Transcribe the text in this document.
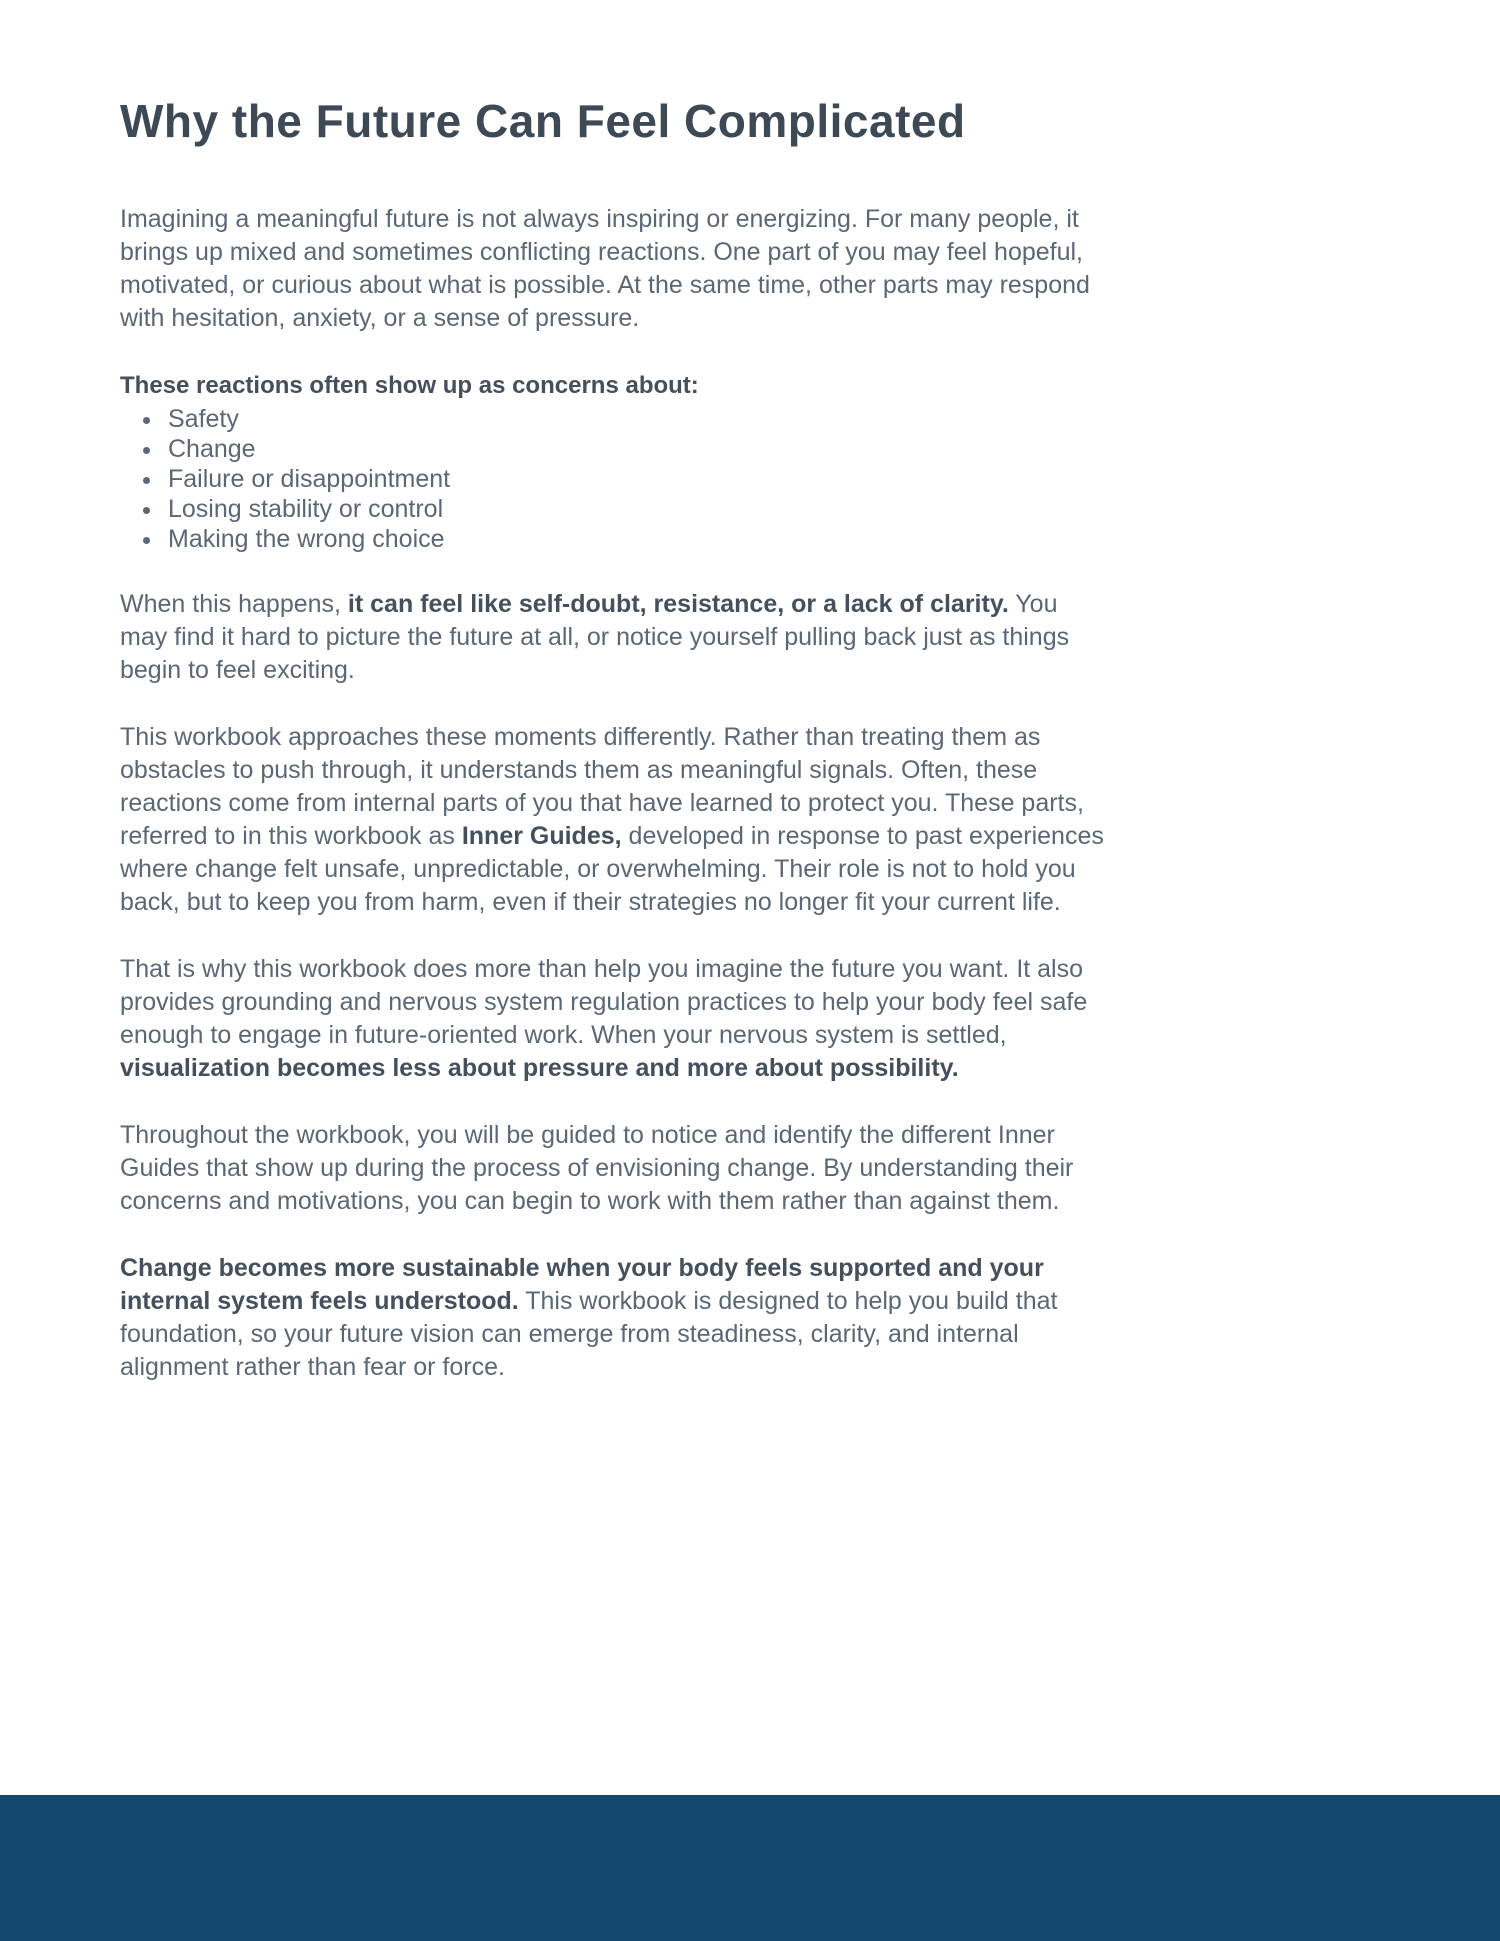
Why the Future Can Feel Complicated

Imagining a meaningful future is not always inspiring or energizing. For many people, it brings up mixed and sometimes conflicting reactions. One part of you may feel hopeful, motivated, or curious about what is possible. At the same time, other parts may respond with hesitation, anxiety, or a sense of pressure.

These reactions often show up as concerns about:

• Safety
• Change
• Failure or disappointment
• Losing stability or control
• Making the wrong choice

When this happens, it can feel like self-doubt, resistance, or a lack of clarity. You may find it hard to picture the future at all, or notice yourself pulling back just as things begin to feel exciting.

This workbook approaches these moments differently. Rather than treating them as obstacles to push through, it understands them as meaningful signals. Often, these reactions come from internal parts of you that have learned to protect you. These parts, referred to in this workbook as Inner Guides, developed in response to past experiences where change felt unsafe, unpredictable, or overwhelming. Their role is not to hold you back, but to keep you from harm, even if their strategies no longer fit your current life.

That is why this workbook does more than help you imagine the future you want. It also provides grounding and nervous system regulation practices to help your body feel safe enough to engage in future-oriented work. When your nervous system is settled, visualization becomes less about pressure and more about possibility.

Throughout the workbook, you will be guided to notice and identify the different Inner Guides that show up during the process of envisioning change. By understanding their concerns and motivations, you can begin to work with them rather than against them.

Change becomes more sustainable when your body feels supported and your internal system feels understood. This workbook is designed to help you build that foundation, so your future vision can emerge from steadiness, clarity, and internal alignment rather than fear or force.
